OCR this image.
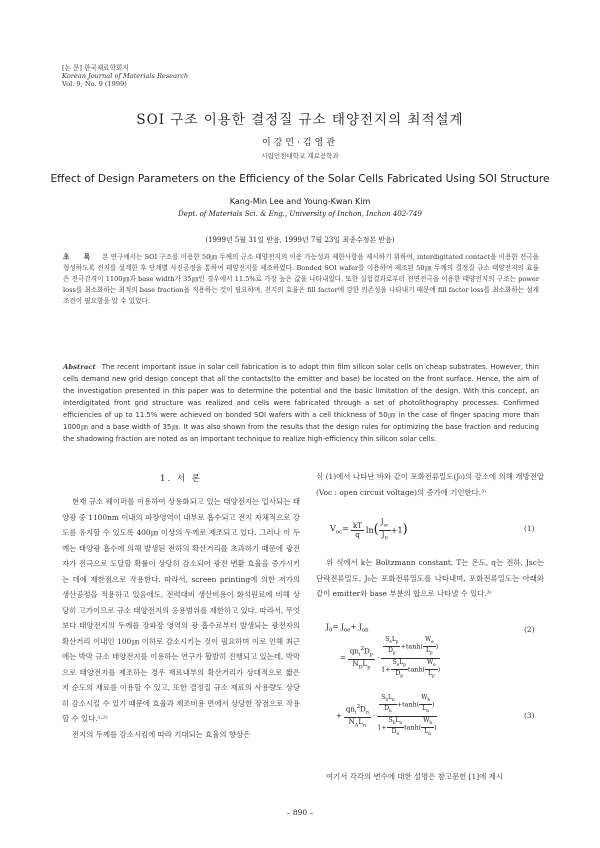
[논 문] 한국재료학회지
Korean Journal of Materials Research
Vol. 9, No. 9 (1999)
SOI 구조 이용한 결정질 규소 태양전지의 최적설계
이강민·김영관
시립인천대학교 재료공학과
Effect of Design Parameters on the Efficiency of the Solar Cells Fabricated Using SOI Structure
Kang-Min Lee and Young-Kwan Kim
Dept. of Materials Sci. & Eng., University of Inchon, Inchon 402-749
(1999년 5월 31일 받음, 1999년 7월 23일 최종수정본 받음)
초 록 본 연구에서는 SOI 구조를 이용한 50㎛ 두께의 규소 태양전지의 이용 가능성과 제한사항을 제시하기 위하여, interdigitated contact을 이용한 전극을 형성하도록 전지를 설계한 후 단계별 사진공정을 통하여 태양전지를 제조하였다. Bonded SOI wafer를 이용하여 제조된 50㎛ 두께의 결정질 규소 태양전지의 효율은 전극간격이 1100㎛과 base width가 35㎛인 경우에서 11.5%로 가장 높은 값을 나타내었다. 또한 실험결과로부터 전면전극을 이용한 태양전지의 구조는 power loss를 최소화하는 최적의 base fraction을 적용하는 것이 필요하며, 전지의 효율은 fill factor에 강한 의존성을 나타내기 때문에 fill factor loss를 최소화하는 설계조건이 필요함을 알 수 있었다.
Abstract The recent important issue in solar cell fabrication is to adopt thin film silicon solar cells on cheap substrates. However, thin cells demand new grid design concept that all the contacts(to the emitter and base) be located on the front surface. Hence, the aim of the investigation presented in this paper was to determine the potential and the basic limitation of the design. With this concept, an interdigitated front grid structure was realized and cells were fabricated through a set of photolithography processes. Confirmed efficiencies of up to 11.5% were achieved on bonded SOI wafers with a cell thickness of 50㎛ in the case of finger spacing more than 1000㎛ and a base width of 35㎛. It was also shown from the results that the design rules for optimizing the base fraction and reducing the shadowing fraction are noted as an important technique to realize high-efficiency thin silicon solar cells.
1. 서 론

현재 규소 웨이퍼를 이용하여 상용화되고 있는 태양전지는 입사되는 태양광 중 1100nm 이내의 파장영역이 내부로 흡수되고 전지 자체적으로 강도를 유지할 수 있도록 400㎛ 이상의 두께로 제조되고 있다. 그러나 이 두께는 태양광 흡수에 의해 발생된 전하의 확산거리를 초과하기 때문에 광전자가 전극으로 도달할 확률이 상당히 감소되어 광전 변환 효율을 증가시키는 데에 제한점으로 작용한다. 따라서, screen printing에 의한 저가의 생산공정을 적용하고 있음에도, 전력대비 생산비용이 화석원료에 비해 상당히 고가이므로 규소 태양전지의 응용범위를 제한하고 있다. 따라서, 무엇보다 태양전지의 두께를 장파장 영역의 광 흡수로부터 발생되는 광전자의 확산거리 이내인 100㎛ 이하로 감소시키는 것이 필요하며 이로 인해 최근에는 박막 규소 태양전지를 이용하는 연구가 활발히 진행되고 있는데, 박막으로 태양전지를 제조하는 경우 재료내부의 확산거리가 상대적으로 짧은 저 순도의 재료를 이용할 수 있고, 또한 결정질 규소 재료의 사용량도 상당히 감소시킬 수 있기 때문에 효율과 제조비용 면에서 상당한 장점으로 작용할 수 있다.¹·²⁾

전지의 두께를 감소시킴에 따라 기대되는 효율의 향상은

식 (1)에서 나타난 바와 같이 포화전류밀도(J₀)의 감소에 의해 개방전압(Voc : open circuit voltage)의 증가에 기인한다.³⁾

$V_{oc}= \frac{kT}{q}$ ln ( $\frac{J_{sc}}{J_0} +1$ )	(1)

위 식에서 k는 Boltzmann constant, T는 온도, q는 전하, Jsc는 단락전류밀도, J₀는 포화전류밀도를 나타내며, 포화전류밀도는 아래와 같이 emitter와 base 부분의 합으로 나타낼 수 있다.³⁾

$J_0= J_{oe}+ J_{ob}$
= $\frac{qn_i^2D_p}{N_DL_p} \cdot \frac{\frac{S_eL_p}{D_p} +\tanh( \frac{W_e}{L_p} )}{1+ \frac{S_eL_p}{D_p} \tanh( \frac{W_e}{L_p} )}$
(2)
+ $\frac{qn_i^2D_n}{N_AL_n} \cdot \frac{\frac{S_bL_n}{D_n} +\tanh( \frac{W_b}{L_n} )}{1+ \frac{S_bL_n}{D_n} \tanh( \frac{W_b}{L_n} )}$	(3)

여기서 각각의 변수에 대한 설명은 참고문헌 [1]에 제시

– 890 –
